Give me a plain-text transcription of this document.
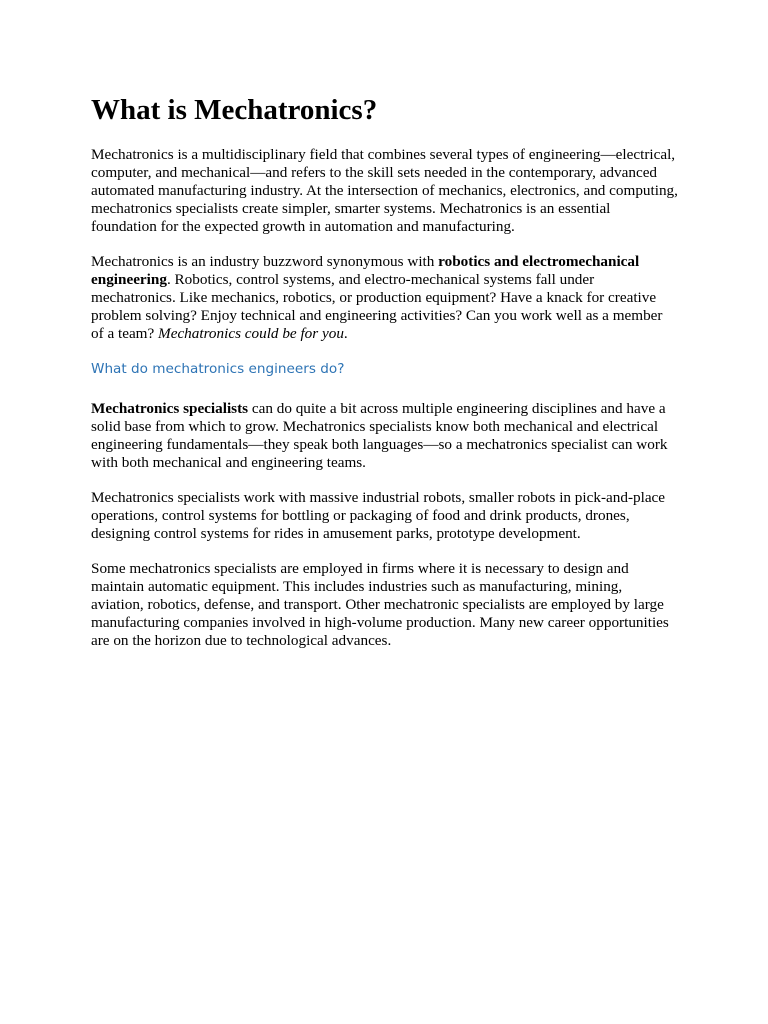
What is Mechatronics?

Mechatronics is a multidisciplinary field that combines several types of engineering—electrical, computer, and mechanical—and refers to the skill sets needed in the contemporary, advanced automated manufacturing industry. At the intersection of mechanics, electronics, and computing, mechatronics specialists create simpler, smarter systems. Mechatronics is an essential foundation for the expected growth in automation and manufacturing.

Mechatronics is an industry buzzword synonymous with robotics and electromechanical engineering. Robotics, control systems, and electro-mechanical systems fall under mechatronics. Like mechanics, robotics, or production equipment? Have a knack for creative problem solving? Enjoy technical and engineering activities? Can you work well as a member of a team? Mechatronics could be for you.

What do mechatronics engineers do?

Mechatronics specialists can do quite a bit across multiple engineering disciplines and have a solid base from which to grow. Mechatronics specialists know both mechanical and electrical engineering fundamentals—they speak both languages—so a mechatronics specialist can work with both mechanical and engineering teams.

Mechatronics specialists work with massive industrial robots, smaller robots in pick-and-place operations, control systems for bottling or packaging of food and drink products, drones, designing control systems for rides in amusement parks, prototype development.

Some mechatronics specialists are employed in firms where it is necessary to design and maintain automatic equipment. This includes industries such as manufacturing, mining, aviation, robotics, defense, and transport. Other mechatronic specialists are employed by large manufacturing companies involved in high-volume production. Many new career opportunities are on the horizon due to technological advances.
